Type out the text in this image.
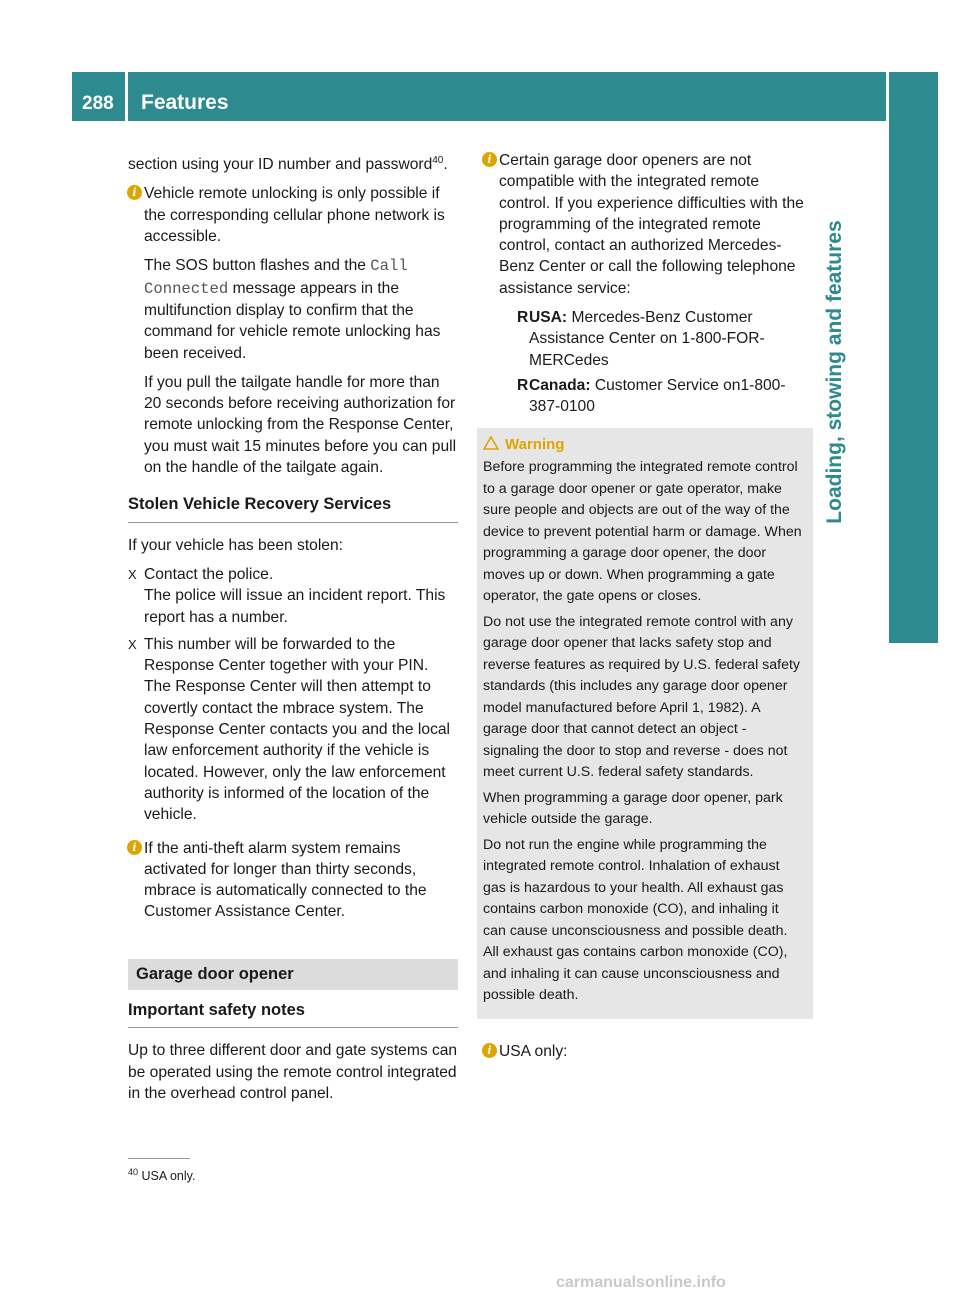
288	Features
Loading, stowing and features

section using your ID number and password$^{40}$.

i Vehicle remote unlocking is only possible if the corresponding cellular phone network is accessible.

The SOS button flashes and the Call Connected message appears in the multifunction display to confirm that the command for vehicle remote unlocking has been received.

If you pull the tailgate handle for more than 20 seconds before receiving authorization for remote unlocking from the Response Center, you must wait 15 minutes before you can pull on the handle of the tailgate again.

Stolen Vehicle Recovery Services

If your vehicle has been stolen:

X Contact the police.
The police will issue an incident report. This report has a number.
X This number will be forwarded to the Response Center together with your PIN. The Response Center will then attempt to covertly contact the mbrace system. The Response Center contacts you and the local law enforcement authority if the vehicle is located. However, only the law enforcement authority is informed of the location of the vehicle.
i If the anti-theft alarm system remains activated for longer than thirty seconds, mbrace is automatically connected to the Customer Assistance Center.

Garage door opener
Important safety notes

Up to three different door and gate systems can be operated using the remote control integrated in the overhead control panel.

i Certain garage door openers are not compatible with the integrated remote control. If you experience difficulties with the programming of the integrated remote control, contact an authorized Mercedes-Benz Center or call the following telephone assistance service:

R USA: Mercedes-Benz Customer Assistance Center on 1-800-FOR-MERCedes
R Canada: Customer Service on1-800-387-0100
Warning

Before programming the integrated remote control to a garage door opener or gate operator, make sure people and objects are out of the way of the device to prevent potential harm or damage. When programming a garage door opener, the door moves up or down. When programming a gate operator, the gate opens or closes.

Do not use the integrated remote control with any garage door opener that lacks safety stop and reverse features as required by U.S. federal safety standards (this includes any garage door opener model manufactured before April 1, 1982). A garage door that cannot detect an object - signaling the door to stop and reverse - does not meet current U.S. federal safety standards.

When programming a garage door opener, park vehicle outside the garage.

Do not run the engine while programming the integrated remote control. Inhalation of exhaust gas is hazardous to your health. All exhaust gas contains carbon monoxide (CO), and inhaling it can cause unconsciousness and possible death. All exhaust gas contains carbon monoxide (CO), and inhaling it can cause unconsciousness and possible death.

i USA only:

$^{40}$ USA only.
carmanualsonline.info
